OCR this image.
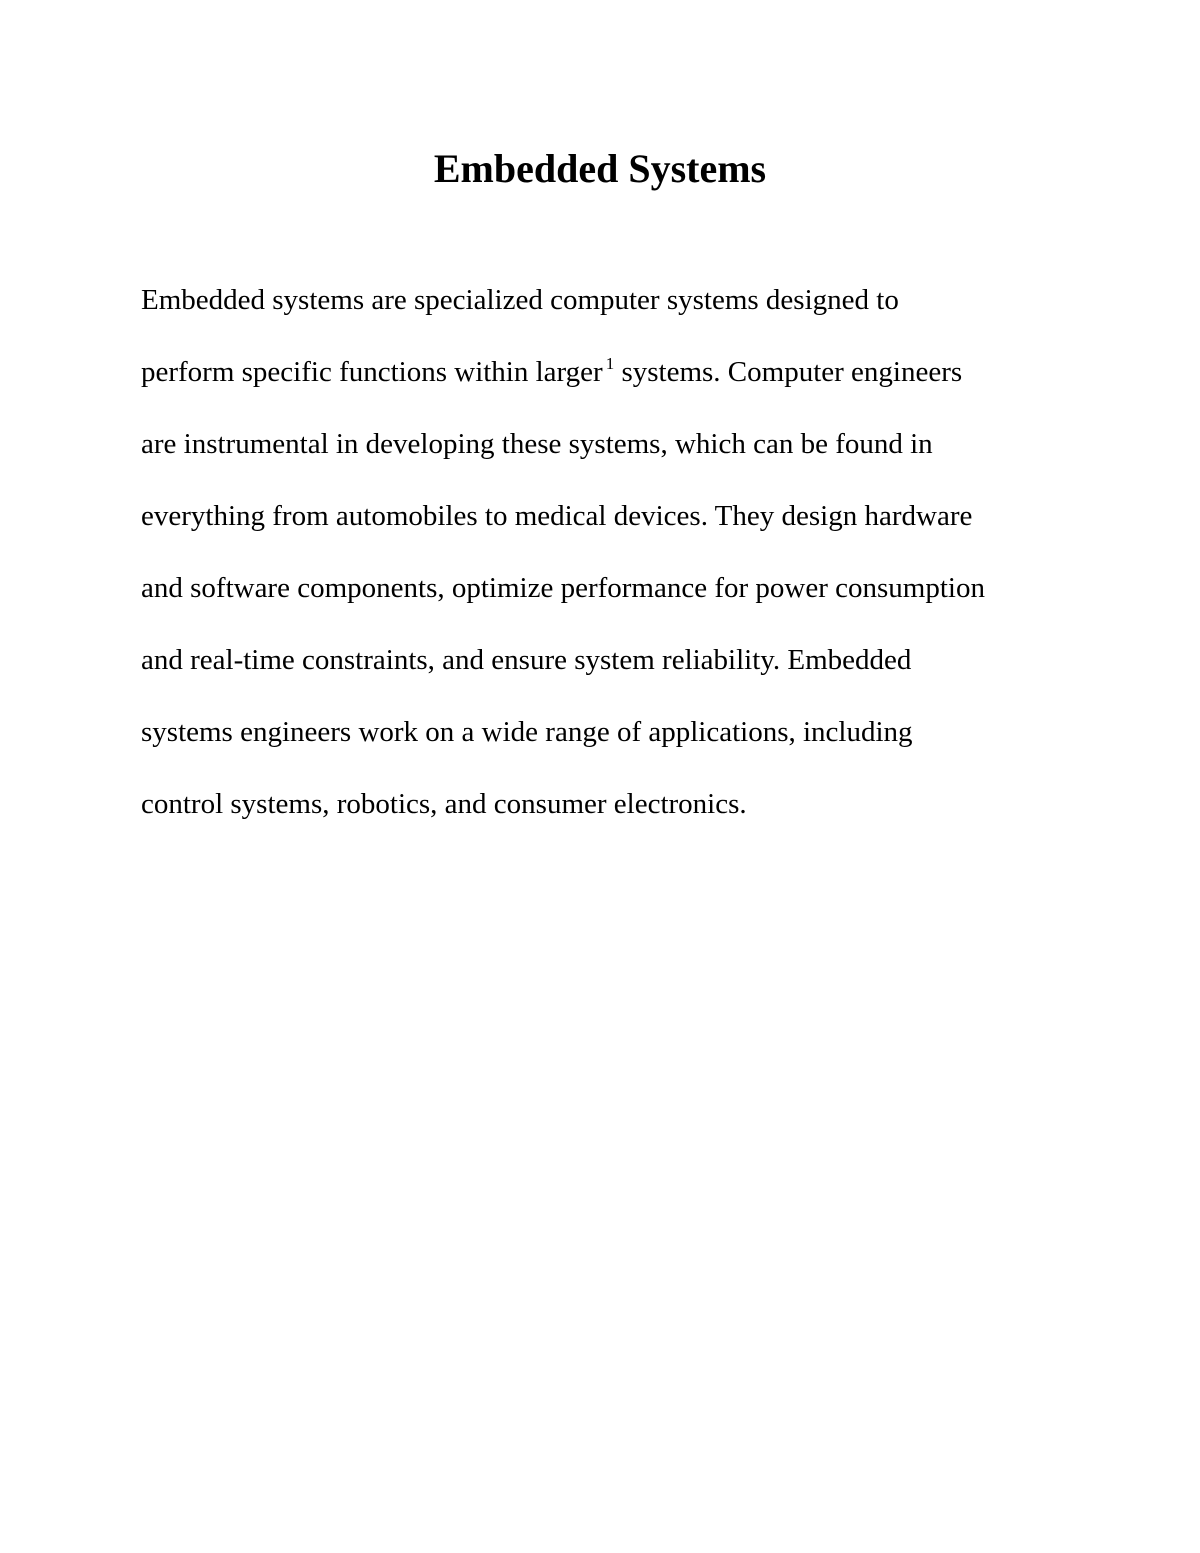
Embedded Systems

Embedded systems are specialized computer systems designed to
perform specific functions within larger $^1$ systems. Computer engineers
are instrumental in developing these systems, which can be found in
everything from automobiles to medical devices. They design hardware
and software components, optimize performance for power consumption
and real-time constraints, and ensure system reliability. Embedded
systems engineers work on a wide range of applications, including
control systems, robotics, and consumer electronics.
